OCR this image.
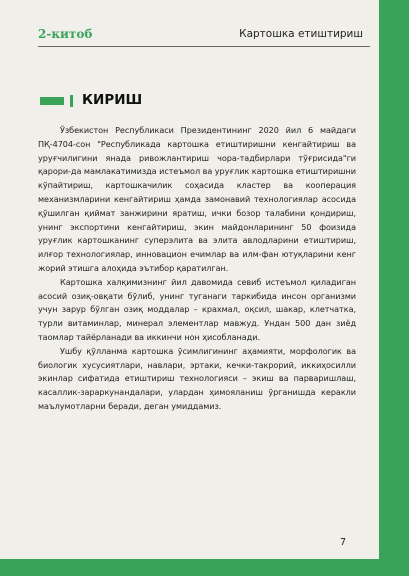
2-китоб	Картошка етиштириш
КИРИШ

Ўзбекистон Республикаси Президентининг 2020 йил 6 майдаги ПҚ-4704-сон "Республикада картошка етиштиришни кенгайтириш ва уруғчилигини янада ривожлантириш чора-тадбирлари тўғрисида"ги қарори-да мамлакатимизда истеъмол ва уруғлик картошка етиштиришни кўпайтириш, картошкачилик соҳасида кластер ва кооперация механизмларини кенгайтириш ҳамда замонавий технологиялар асосида қўшилган қиймат занжирини яратиш, ички бозор талабини қондириш, унинг экспортини кенгайтириш, экин майдонларининг 50 фоизида уруғлик картошканинг суперэлита ва элита авлодларини етиштириш, илғор технологиялар, инновацион ечимлар ва илм-фан ютуқларини кенг жорий этишга алоҳида эътибор қаратилган.

Картошка халқимизнинг йил давомида севиб истеъмол қиладиган асосий озиқ-овқати бўлиб, унинг туганаги таркибида инсон организми учун зарур бўлган озиқ моддалар – крахмал, оқсил, шакар, клетчатка, турли витаминлар, минерал элементлар мавжуд. Ундан 500 дан зиёд таомлар тайёрланади ва иккинчи нон ҳисобланади.

Ушбу қўлланма картошка ўсимлигининг аҳамияти, морфологик ва биологик хусусиятлари, навлари, эртаки, кечки-такрорий, иккиҳосилли экинлар сифатида етиштириш технологияси – экиш ва парваришлаш, касаллик-зараркунандалари, улардан ҳимояланиш ўрганишда керакли маълумотларни беради, деган умиддамиз.

7
